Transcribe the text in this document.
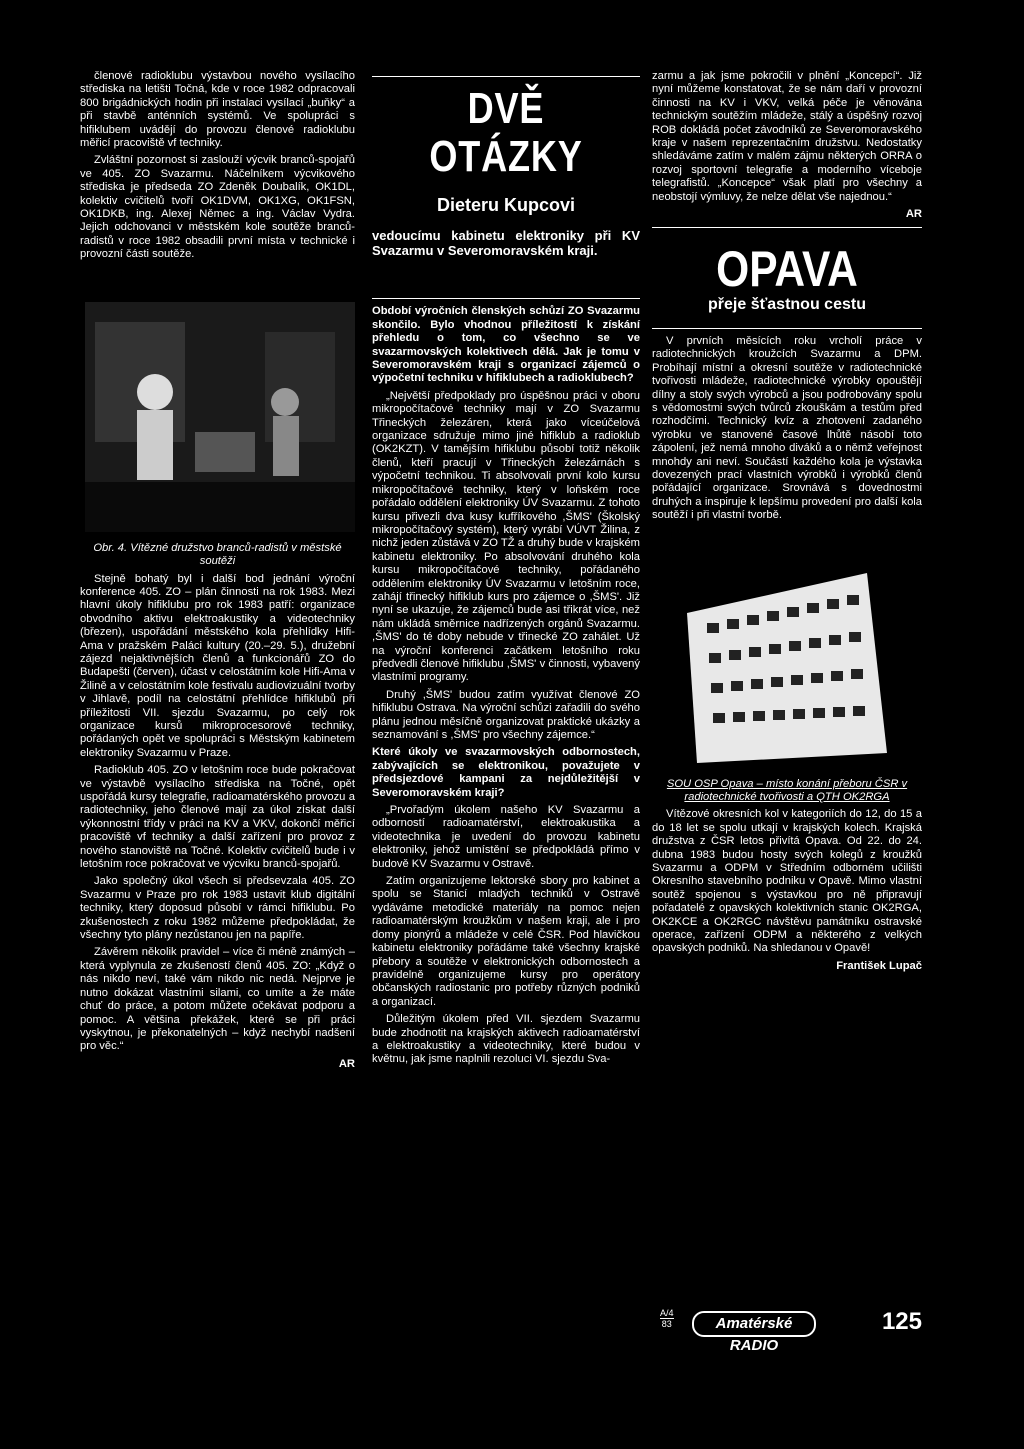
členové radioklubu výstavbou nového vysílacího střediska na letišti Točná, kde v roce 1982 odpracovali 800 brigádnických hodin při instalaci vysílací „buňky“ a při stavbě anténních systémů. Ve spolupráci s hifiklubem uvádějí do provozu členové radioklubu měřicí pracoviště vf techniky.

Zvláštní pozornost si zaslouží výcvik branců-spojařů ve 405. ZO Svazarmu. Náčelníkem výcvikového střediska je předseda ZO Zdeněk Doubalík, OK1DL, kolektiv cvičitelů tvoří OK1DVM, OK1XG, OK1FSN, OK1DKB, ing. Alexej Němec a ing. Václav Vydra. Jejich odchovanci v městském kole soutěže branců-radistů v roce 1982 obsadili první místa v technické i provozní části soutěže.

Obr. 4. Vítězné družstvo branců-radistů v městské soutěži

Stejně bohatý byl i další bod jednání výroční konference 405. ZO – plán činnosti na rok 1983. Mezi hlavní úkoly hifiklubu pro rok 1983 patří: organizace obvodního aktivu elektroakustiky a videotechniky (březen), uspořádání městského kola přehlídky Hifi-Ama v pražském Paláci kultury (20.–29. 5.), družební zájezd nejaktivnějších členů a funkcionářů ZO do Budapešti (červen), účast v celostátním kole Hifi-Ama v Žilině a v celostátním kole festivalu audiovizuální tvorby v Jihlavě, podíl na celostátní přehlídce hifiklubů při příležitosti VII. sjezdu Svazarmu, po celý rok organizace kursů mikroprocesorové techniky, pořádaných opět ve spolupráci s Městským kabinetem elektroniky Svazarmu v Praze.

Radioklub 405. ZO v letošním roce bude pokračovat ve výstavbě vysílacího střediska na Točné, opět uspořádá kursy telegrafie, radioamatérského provozu a radiotechniky, jeho členové mají za úkol získat další výkonnostní třídy v práci na KV a VKV, dokončí měřicí pracoviště vf techniky a další zařízení pro provoz z nového stanoviště na Točné. Kolektiv cvičitelů bude i v letošním roce pokračovat ve výcviku branců-spojařů.

Jako společný úkol všech si předsevzala 405. ZO Svazarmu v Praze pro rok 1983 ustavit klub digitální techniky, který doposud působí v rámci hifiklubu. Po zkušenostech z roku 1982 můžeme předpokládat, že všechny tyto plány nezůstanou jen na papíře.

Závěrem několik pravidel – více či méně známých – která vyplynula ze zkušeností členů 405. ZO: „Když o nás nikdo neví, také vám nikdo nic nedá. Nejprve je nutno dokázat vlastními silami, co umíte a že máte chuť do práce, a potom můžete očekávat podporu a pomoc. A většina překážek, které se při práci vyskytnou, je překonatelných – když nechybí nadšení pro věc.“

AR

DVĚ OTÁZKY
Dieteru Kupcovi
vedoucímu kabinetu elektroniky při KV Svazarmu v Severomoravském kraji.

Období výročních členských schůzí ZO Svazarmu skončilo. Bylo vhodnou příležitostí k získání přehledu o tom, co všechno se ve svazarmovských kolektivech dělá. Jak je tomu v Severomoravském kraji s organizací zájemců o výpočetní techniku v hifiklubech a radioklubech?

„Největší předpoklady pro úspěšnou práci v oboru mikropočítačové techniky mají v ZO Svazarmu Třineckých železáren, která jako víceúčelová organizace sdružuje mimo jiné hifiklub a radioklub (OK2KZT). V tamějším hifiklubu působí totiž několik členů, kteří pracují v Třineckých železárnách s výpočetní technikou. Ti absolvovali první kolo kursu mikropočítačové techniky, který v loňském roce pořádalo oddělení elektroniky ÚV Svazarmu. Z tohoto kursu přivezli dva kusy kufříkového ,ŠMS' (Školský mikropočítačový systém), který vyrábí VÚVT Žilina, z nichž jeden zůstává v ZO TŽ a druhý bude v krajském kabinetu elektroniky. Po absolvování druhého kola kursu mikropočítačové techniky, pořádaného oddělením elektroniky ÚV Svazarmu v letošním roce, zahájí třinecký hifiklub kurs pro zájemce o ,ŠMS'. Již nyní se ukazuje, že zájemců bude asi třikrát více, než nám ukládá směrnice nadřízených orgánů Svazarmu. ,ŠMS' do té doby nebude v třinecké ZO zahálet. Už na výroční konferenci začátkem letošního roku předvedli členové hifiklubu ,ŠMS' v činnosti, vybavený vlastními programy.

Druhý ,ŠMS' budou zatím využívat členové ZO hifiklubu Ostrava. Na výroční schůzi zařadili do svého plánu jednou měsíčně organizovat praktické ukázky a seznamování s ,ŠMS' pro všechny zájemce.“

Které úkoly ve svazarmovských odbornostech, zabývajících se elektronikou, považujete v předsjezdové kampani za nejdůležitější v Severomoravském kraji?

„Prvořadým úkolem našeho KV Svazarmu a odborností radioamatérství, elektroakustika a videotechnika je uvedení do provozu kabinetu elektroniky, jehož umístění se předpokládá přímo v budově KV Svazarmu v Ostravě.

Zatím organizujeme lektorské sbory pro kabinet a spolu se Stanicí mladých techniků v Ostravě vydáváme metodické materiály na pomoc nejen radioamatérským kroužkům v našem kraji, ale i pro domy pionýrů a mládeže v celé ČSR. Pod hlavičkou kabinetu elektroniky pořádáme také všechny krajské přebory a soutěže v elektronických odbornostech a pravidelně organizujeme kursy pro operátory občanských radiostanic pro potřeby různých podniků a organizací.

Důležitým úkolem před VII. sjezdem Svazarmu bude zhodnotit na krajských aktivech radioamatérství a elektroakustiky a videotechniky, které budou v květnu, jak jsme naplnili rezoluci VI. sjezdu Sva-

zarmu a jak jsme pokročili v plnění „Koncepcí“. Již nyní můžeme konstatovat, že se nám daří v provozní činnosti na KV i VKV, velká péče je věnována technickým soutěžím mládeže, stálý a úspěšný rozvoj ROB dokládá počet závodníků ze Severomoravského kraje v našem reprezentačním družstvu. Nedostatky shledáváme zatím v malém zájmu některých ORRA o rozvoj sportovní telegrafie a moderního víceboje telegrafistů. „Koncepce“ však platí pro všechny a neobstojí výmluvy, že nelze dělat vše najednou.“

AR

OPAVA
přeje šťastnou cestu

V prvních měsících roku vrcholí práce v radiotechnických kroužcích Svazarmu a DPM. Probíhají místní a okresní soutěže v radiotechnické tvořivosti mládeže, radiotechnické výrobky opouštějí dílny a stoly svých výrobců a jsou podrobovány spolu s vědomostmi svých tvůrců zkouškám a testům před rozhodčími. Technický kvíz a zhotovení zadaného výrobku ve stanovené časové lhůtě násobí toto zápolení, jež nemá mnoho diváků a o němž veřejnost mnohdy ani neví. Součástí každého kola je výstavka dovezených prací vlastních výrobků i výrobků členů pořádající organizace. Srovnává s dovednostmi druhých a inspiruje k lepšímu provedení pro další kola soutěží i při vlastní tvorbě.

SOU OSP Opava – místo konání přeboru ČSR v radiotechnické tvořivosti a QTH OK2RGA

Vítězové okresních kol v kategoriích do 12, do 15 a do 18 let se spolu utkají v krajských kolech. Krajská družstva z ČSR letos přivítá Opava. Od 22. do 24. dubna 1983 budou hosty svých kolegů z kroužků Svazarmu a ODPM v Středním odborném učilišti Okresního stavebního podniku v Opavě. Mimo vlastní soutěž spojenou s výstavkou pro ně připravují pořadatelé z opavských kolektivních stanic OK2RGA, OK2KCE a OK2RGC návštěvu památníku ostravské operace, zařízení ODPM a některého z velkých opavských podniků. Na shledanou v Opavě!

František Lupač

A/4
83	Amatérské RADIO
125
